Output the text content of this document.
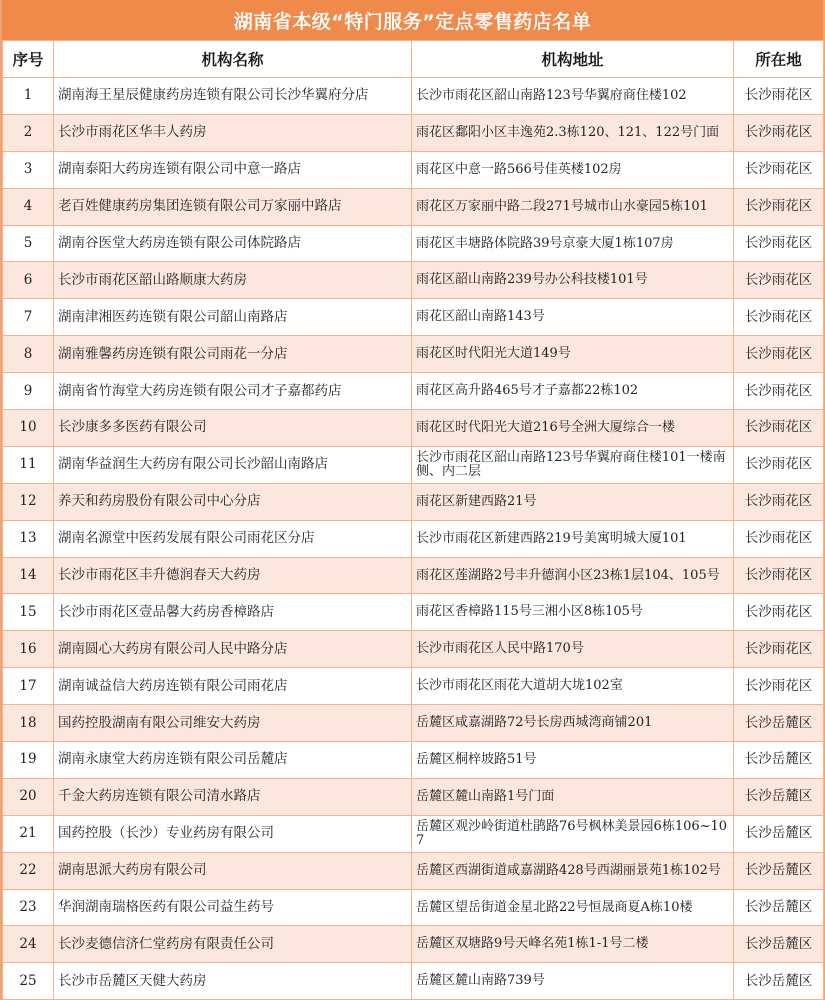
湖南省本级“特门服务”定点零售药店名单
序号	机构名称	机构地址	所在地
1	湖南海王星辰健康药房连锁有限公司长沙华翼府分店	长沙市雨花区韶山南路123号华翼府商住楼102	长沙雨花区
2	长沙市雨花区华丰人药房	雨花区鄱阳小区丰逸苑2.3栋120、121、122号门面	长沙雨花区
3	湖南泰阳大药房连锁有限公司中意一路店	雨花区中意一路566号佳英楼102房	长沙雨花区
4	老百姓健康药房集团连锁有限公司万家丽中路店	雨花区万家丽中路二段271号城市山水豪园5栋101	长沙雨花区
5	湖南谷医堂大药房连锁有限公司体院路店	雨花区丰塘路体院路39号京豪大厦1栋107房	长沙雨花区
6	长沙市雨花区韶山路顺康大药房	雨花区韶山南路239号办公科技楼101号	长沙雨花区
7	湖南津湘医药连锁有限公司韶山南路店	雨花区韶山南路143号	长沙雨花区
8	湖南雅馨药房连锁有限公司雨花一分店	雨花区时代阳光大道149号	长沙雨花区
9	湖南省竹海堂大药房连锁有限公司才子嘉都药店	雨花区高升路465号才子嘉都22栋102	长沙雨花区
10	长沙康多多医药有限公司	雨花区时代阳光大道216号全洲大厦综合一楼	长沙雨花区
11	湖南华益润生大药房有限公司长沙韶山南路店	长沙市雨花区韶山南路123号华翼府商住楼101一楼南侧、内二层	长沙雨花区
12	养天和药房股份有限公司中心分店	雨花区新建西路21号	长沙雨花区
13	湖南名源堂中医药发展有限公司雨花区分店	长沙市雨花区新建西路219号美寓明城大厦101	长沙雨花区
14	长沙市雨花区丰升德润春天大药房	雨花区莲湖路2号丰升德润小区23栋1层104、105号	长沙雨花区
15	长沙市雨花区壹品馨大药房香樟路店	雨花区香樟路115号三湘小区8栋105号	长沙雨花区
16	湖南圆心大药房有限公司人民中路分店	长沙市雨花区人民中路170号	长沙雨花区
17	湖南诚益信大药房连锁有限公司雨花店	长沙市雨花区雨花大道胡大垅102室	长沙雨花区
18	国药控股湖南有限公司维安大药房	岳麓区咸嘉湖路72号长房西城湾商铺201	长沙岳麓区
19	湖南永康堂大药房连锁有限公司岳麓店	岳麓区桐梓坡路51号	长沙岳麓区
20	千金大药房连锁有限公司清水路店	岳麓区麓山南路1号门面	长沙岳麓区
21	国药控股（长沙）专业药房有限公司	岳麓区观沙岭街道杜鹃路76号枫林美景园6栋106~107	长沙岳麓区
22	湖南思派大药房有限公司	岳麓区西湖街道咸嘉湖路428号西湖丽景苑1栋102号	长沙岳麓区
23	华润湖南瑞格医药有限公司益生药号	岳麓区望岳街道金星北路22号恒晟商夏A栋10楼	长沙岳麓区
24	长沙麦德信济仁堂药房有限责任公司	岳麓区双塘路9号天峰名苑1栋1-1号二楼	长沙岳麓区
25	长沙市岳麓区天健大药房	岳麓区麓山南路739号	长沙岳麓区
